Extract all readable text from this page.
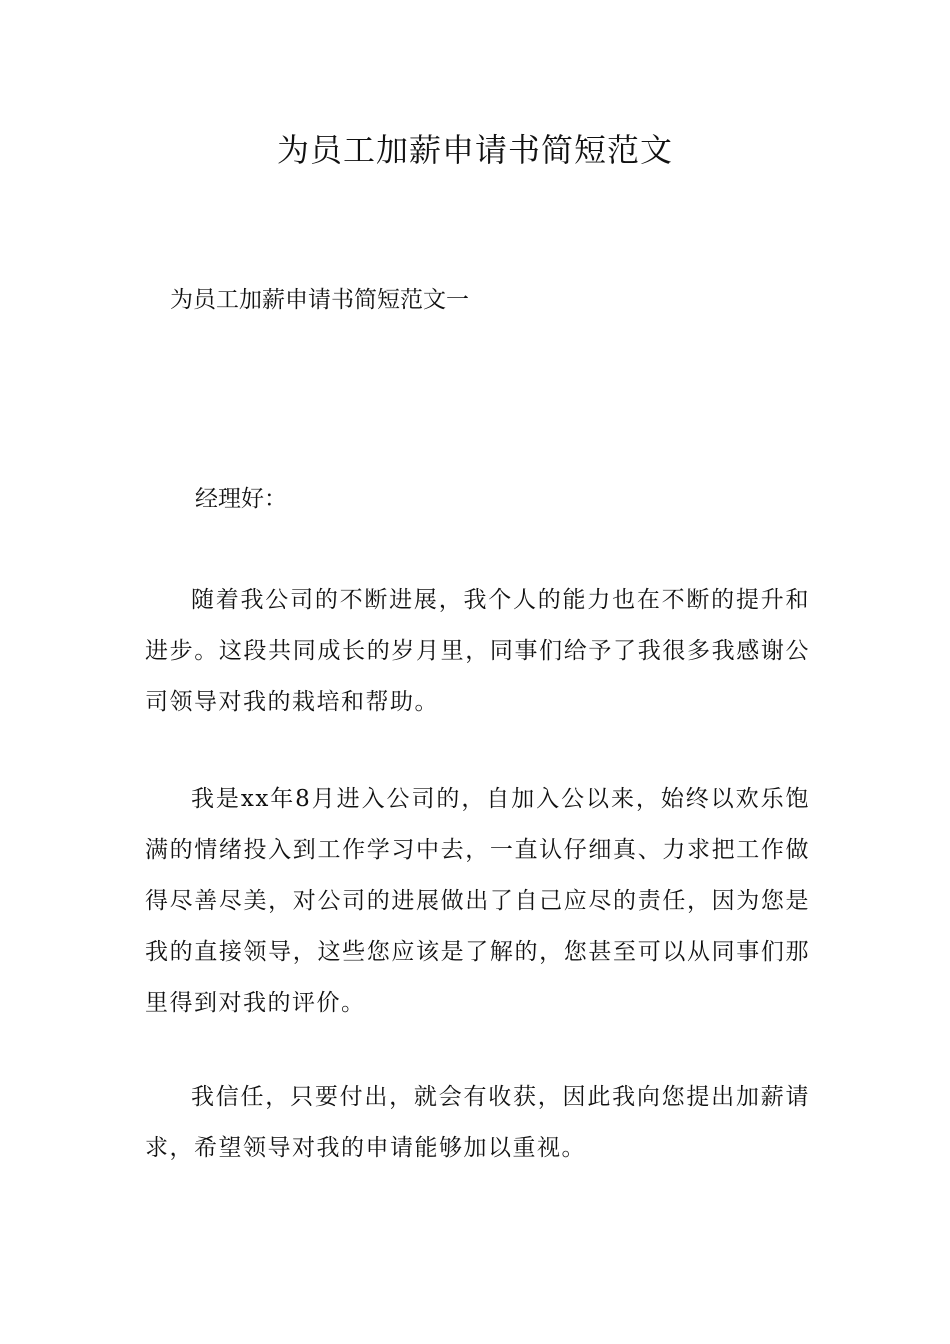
为员工加薪申请书简短范文

为员工加薪申请书简短范文一

经理好：

随着我公司的不断进展，我个人的能力也在不断的提升和进步。这段共同成长的岁月里，同事们给予了我很多我感谢公司领导对我的栽培和帮助。

我是xx年8月进入公司的，自加入公以来，始终以欢乐饱满的情绪投入到工作学习中去，一直认仔细真、力求把工作做得尽善尽美，对公司的进展做出了自己应尽的责任，因为您是我的直接领导，这些您应该是了解的，您甚至可以从同事们那里得到对我的评价。

我信任，只要付出，就会有收获，因此我向您提出加薪请求，希望领导对我的申请能够加以重视。
